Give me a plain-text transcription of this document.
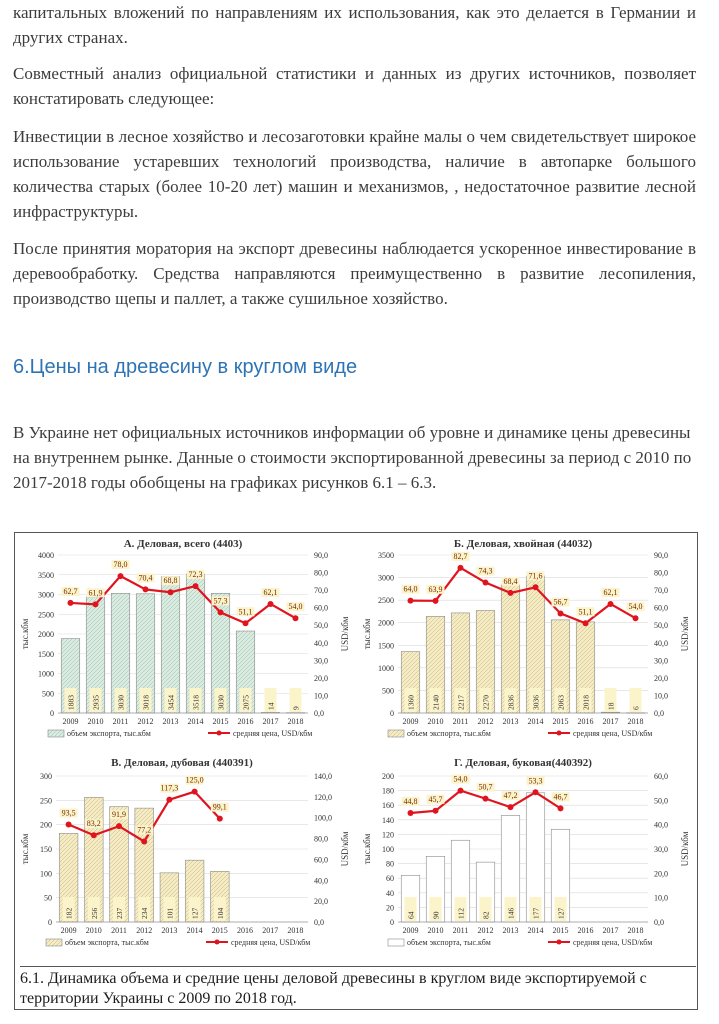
капитальных вложений по направлениям их использования, как это делается в Германии и других странах.

Совместный анализ официальной статистики и данных из других источников, позволяет констатировать следующее:

Инвестиции в лесное хозяйство и лесозаготовки крайне малы о чем свидетельствует широкое использование устаревших технологий производства, наличие в автопарке большого количества старых (более 10-20 лет) машин и механизмов, , недостаточное развитие лесной инфраструктуры.

После принятия моратория на экспорт древесины наблюдается ускоренное инвестирование в деревообработку. Средства направляются преимущественно в развитие лесопиления, производство щепы и паллет, а также сушильное хозяйство.

6.Цены на древесину в круглом виде

В Украине нет официальных источников информации об уровне и динамике цены древесины на внутреннем рынке. Данные о стоимости экспортированной древесины за период с 2010 по 2017-2018 годы обобщены на графиках рисунков 6.1 – 6.3.

А. Деловая, всего (4403)
0
500
1000
1500
2000
2500
3000
3500
4000
0,0
10,0
20,0
30,0
40,0
50,0
60,0
70,0
80,0
90,0
тыс.кбм	USD/кбм
1883 2935 3030 3018 3454 3518 3030 2075 14 9
2009 2010 2011 2012 2013 2014 2015 2016 2017 2018
62,7 61,9
78,0
70,4 68,8
72,3
57,3
51,1
62,1
54,0
объем экспорта, тыс.кбм	средняя цена, USD/кбм
Б. Деловая, хвойная (44032)
0
500
1000
1500
2000
2500
3000
3500
0,0
10,0
20,0
30,0
40,0
50,0
60,0
70,0
80,0
90,0
тыс.кбм	USD/кбм
1360 2140 2217 2270 2836 3036 2063 2018 18 6
2009 2010 2011 2012 2013 2014 2015 2016 2017 2018
64,0 63,9
82,7
74,3
68,4
71,6
56,7
51,1
62,1
54,0
объем экспорта, тыс.кбм	средняя цена, USD/кбм
В. Деловая, дубовая (440391)
0
50
100
150
200
250
300
0,0
20,0
40,0
60,0
80,0
100,0
120,0
140,0
тыс.кбм	USD/кбм
182 256 237 234 101 127 104
2009 2010 2011 2012 2013 2014 2015 2016 2017 2018
93,5
83,2
91,9
77,2
117,3
125,0
99,1
объем экспорта, тыс.кбм	средняя цена, USD/кбм
Г. Деловая, буковая(440392)
0
20
40
60
80
100
120
140
160
180
200
0,0
10,0
20,0
30,0
40,0
50,0
60,0
тыс.кбм	USD/кбм
64 90 112 82 146 177 127
2009 2010 2011 2012 2013 2014 2015 2016 2017 2018
44,8 45,7
54,0
50,7
47,2
53,3
46,7
объем экспорта, тыс.кбм	средняя цена, USD/кбм

6.1. Динамика объема и средние цены деловой древесины в круглом виде экспортируемой с территории Украины с 2009 по 2018 год.
